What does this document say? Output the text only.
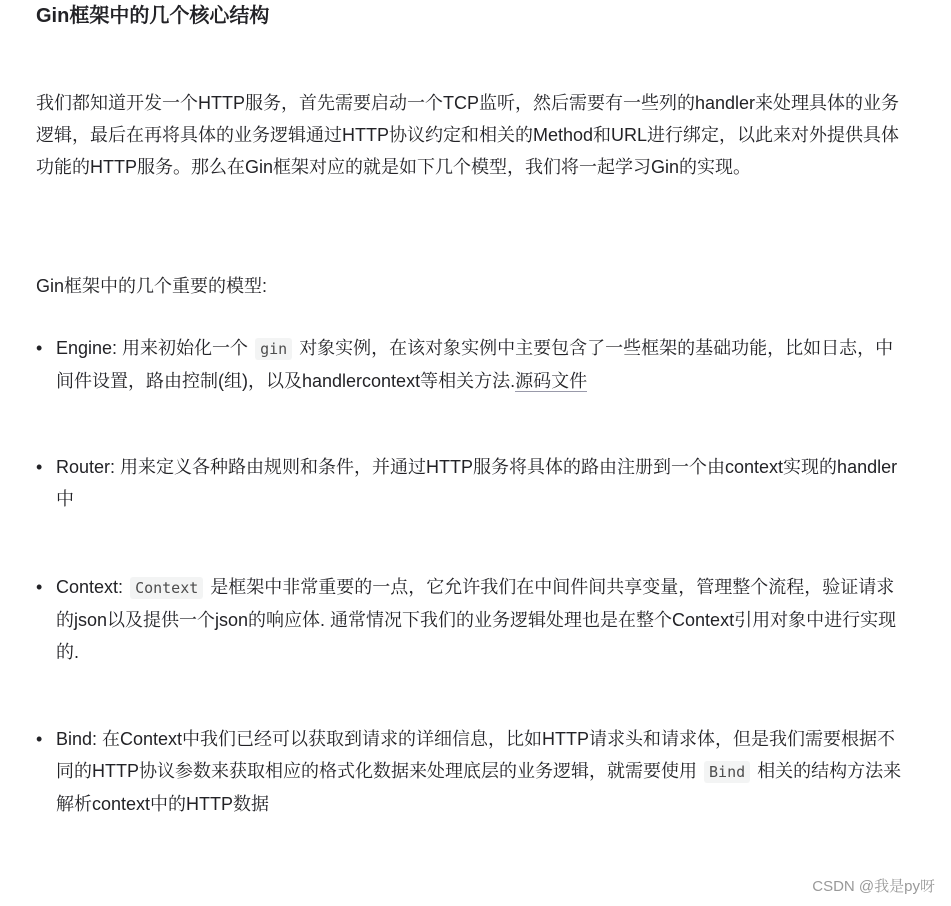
Gin框架中的几个核心结构

我们都知道开发一个HTTP服务，首先需要启动一个TCP监听，然后需要有一些列的handler来处理具体的业务逻辑，最后在再将具体的业务逻辑通过HTTP协议约定和相关的Method和URL进行绑定，以此来对外提供具体功能的HTTP服务。那么在Gin框架对应的就是如下几个模型，我们将一起学习Gin的实现。

Gin框架中的几个重要的模型:

• Engine: 用来初始化一个 gin 对象实例，在该对象实例中主要包含了一些框架的基础功能，比如日志，中间件设置，路由控制(组)，以及handlercontext等相关方法.源码文件
• Router: 用来定义各种路由规则和条件，并通过HTTP服务将具体的路由注册到一个由context实现的handler中
• Context: Context 是框架中非常重要的一点，它允许我们在中间件间共享变量，管理整个流程，验证请求的json以及提供一个json的响应体. 通常情况下我们的业务逻辑处理也是在整个Context引用对象中进行实现的.
• Bind: 在Context中我们已经可以获取到请求的详细信息，比如HTTP请求头和请求体，但是我们需要根据不同的HTTP协议参数来获取相应的格式化数据来处理底层的业务逻辑，就需要使用 Bind 相关的结构方法来解析context中的HTTP数据
CSDN @我是py呀
